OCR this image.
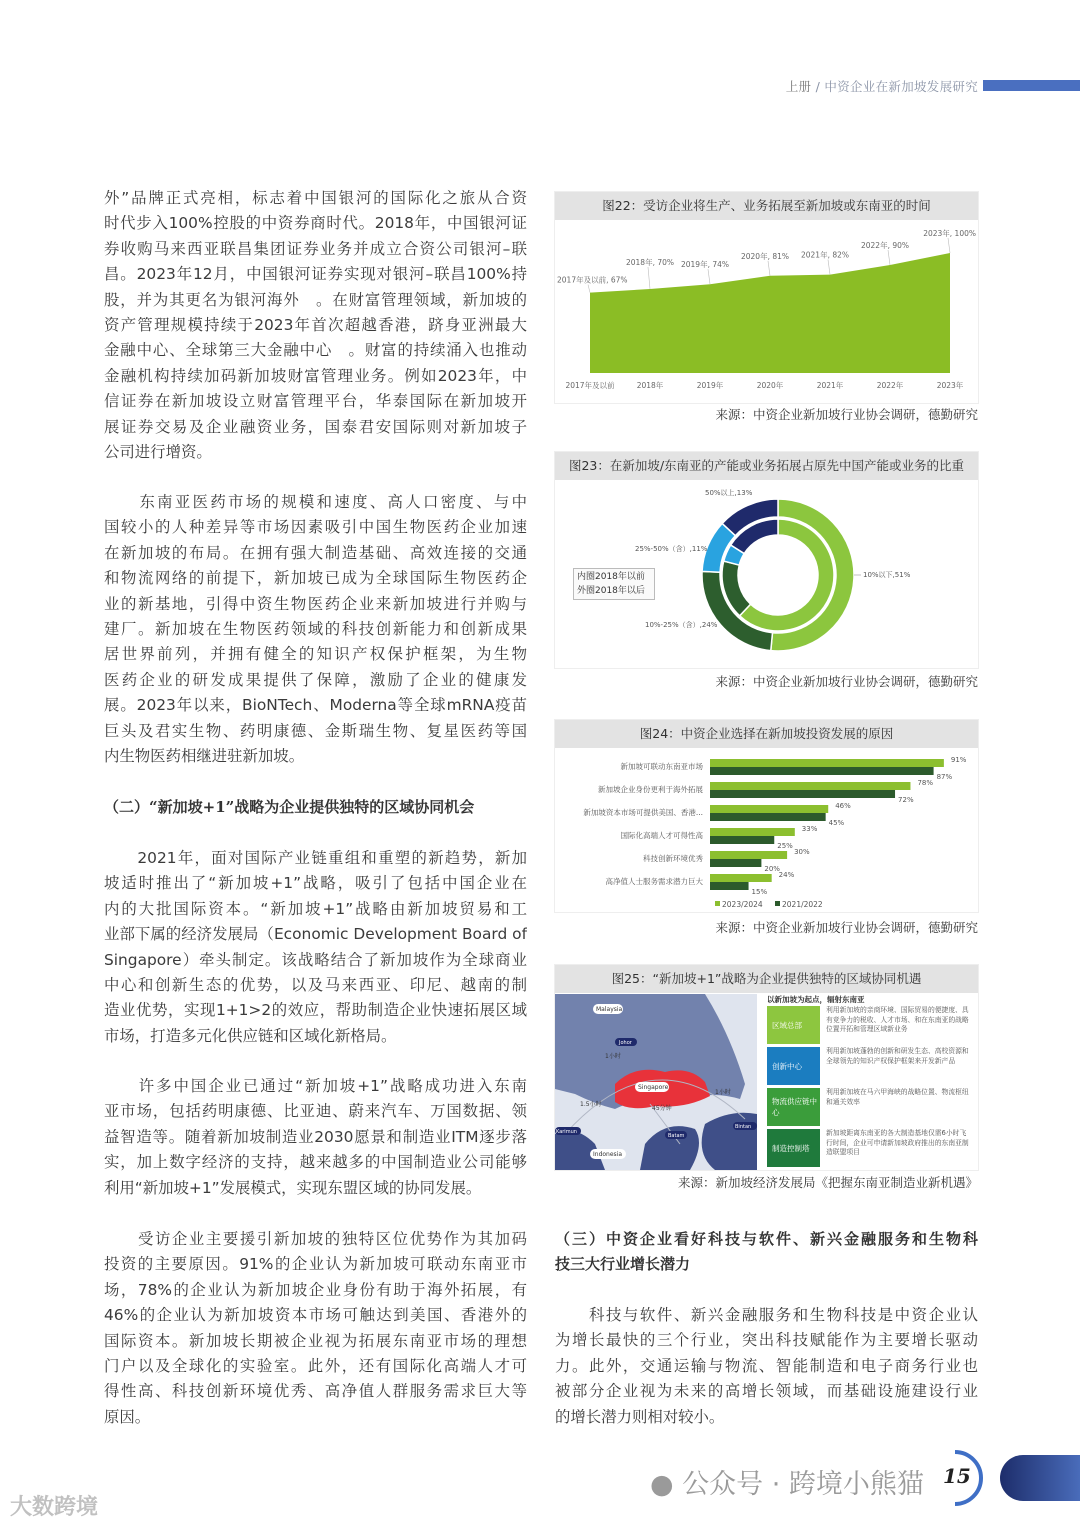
上册 / 中资企业在新加坡发展研究
外”品牌正式亮相，标志着中国银河的国际化之旅从合资
时代步入100%控股的中资券商时代。2018年，中国银河证
券收购马来西亚联昌集团证券业务并成立合资公司银河–联
昌。2023年12月，中国银河证券实现对银河–联昌100%持
股，并为其更名为银河海外　。在财富管理领域，新加坡的
资产管理规模持续于2023年首次超越香港，跻身亚洲最大
金融中心、全球第三大金融中心　。财富的持续涌入也推动
金融机构持续加码新加坡财富管理业务。例如2023年，中
信证券在新加坡设立财富管理平台，华泰国际在新加坡开
展证券交易及企业融资业务，国泰君安国际则对新加坡子
公司进行增资。
　　东南亚医药市场的规模和速度、高人口密度、与中
国较小的人种差异等市场因素吸引中国生物医药企业加速
在新加坡的布局。在拥有强大制造基础、高效连接的交通
和物流网络的前提下，新加坡已成为全球国际生物医药企
业的新基地，引得中资生物医药企业来新加坡进行并购与
建厂。新加坡在生物医药领域的科技创新能力和创新成果
居世界前列，并拥有健全的知识产权保护框架，为生物
医药企业的研发成果提供了保障，激励了企业的健康发
展。2023年以来，BioNTech、Moderna等全球mRNA疫苗
巨头及君实生物、药明康德、金斯瑞生物、复星医药等国
内生物医药相继进驻新加坡。
（二）“新加坡+1”战略为企业提供独特的区域协同机会
　　2021年，面对国际产业链重组和重塑的新趋势，新加
坡适时推出了“新加坡+1”战略，吸引了包括中国企业在
内的大批国际资本。“新加坡+1”战略由新加坡贸易和工
业部下属的经济发展局（Economic Development Board of
Singapore）牵头制定。该战略结合了新加坡作为全球商业
中心和创新生态的优势，以及马来西亚、印尼、越南的制
造业优势，实现1+1>2的效应，帮助制造企业快速拓展区域
市场，打造多元化供应链和区域化新格局。
　　许多中国企业已通过“新加坡+1”战略成功进入东南
亚市场，包括药明康德、比亚迪、蔚来汽车、万国数据、领
益智造等。随着新加坡制造业2030愿景和制造业ITM逐步落
实，加上数字经济的支持，越来越多的中国制造业公司能够
利用“新加坡+1”发展模式，实现东盟区域的协同发展。
　　受访企业主要援引新加坡的独特区位优势作为其加码
投资的主要原因。91%的企业认为新加坡可联动东南亚市
场，78%的企业认为新加坡企业身份有助于海外拓展，有
46%的企业认为新加坡资本市场可触达到美国、香港外的
国际资本。新加坡长期被企业视为拓展东南亚市场的理想
门户以及全球化的实验室。此外，还有国际化高端人才可
得性高、科技创新环境优秀、高净值人群服务需求巨大等
原因。
（三）中资企业看好科技与软件、新兴金融服务和生物科
技三大行业增长潜力
　　科技与软件、新兴金融服务和生物科技是中资企业认
为增长最快的三个行业，突出科技赋能作为主要增长驱动
力。此外，交通运输与物流、智能制造和电子商务行业也
被部分企业视为未来的高增长领域，而基础设施建设行业
的增长潜力则相对较小。
图22：受访企业将生产、业务拓展至新加坡或东南亚的时间
2017年及以前, 67%
2017年及以前
2018年, 70%
2018年
2019年, 74%
2019年
2020年, 81%
2020年
2021年, 82%
2021年
2022年, 90%
2022年
2023年, 100%
2023年
来源：中资企业新加坡行业协会调研，德勤研究
图23：在新加坡/东南亚的产能或业务拓展占原先中国产能或业务的比重
10%以下,51%
10%-25%（含）,24%
25%-50%（含）,11%
50%以上,13%
内圈2018年以前
外圈2018年以后
来源：中资企业新加坡行业协会调研，德勤研究
图24：中资企业选择在新加坡投资发展的原因
新加坡可联动东南亚市场
91%
87%
新加坡企业身份更利于海外拓展
78%
72%
新加坡资本市场可提供美国、香港...
46%
45%
国际化高端人才可得性高
33%
25%
科技创新环境优秀
30%
20%
高净值人士服务需求潜力巨大
24%
15%
2023/2024	2021/2022
来源：中资企业新加坡行业协会调研，德勤研究
图25：“新加坡+1”战略为企业提供独特的区域协同机遇
Malaysia
Johor
Singapore
Indonesia
Batam
Bintan
Karimun
1小时
1.5小时
45分钟
1小时
以新加坡为起点，辐射东南亚
区域总部
利用新加坡的亲商环境、国际贸易的便捷度、具有竞争力的税收、人才市场、和在东南亚的战略位置开拓和管理区域新业务
创新中心
利用新加坡蓬勃的创新和研发生态、高校资源和全球领先的知识产权保护框架来开发新产品
物流供应链中心
利用新加坡在马六甲海峡的战略位置、物流枢纽和通关效率
制造控制塔
新加坡距离东南亚的各大制造基地仅需6小时飞行时间，企业可申请新加坡政府推出的东南亚制造联盟项目
来源：新加坡经济发展局《把握东南亚制造业新机遇》
15
● 公众号 · 跨境小熊猫
大数跨境
